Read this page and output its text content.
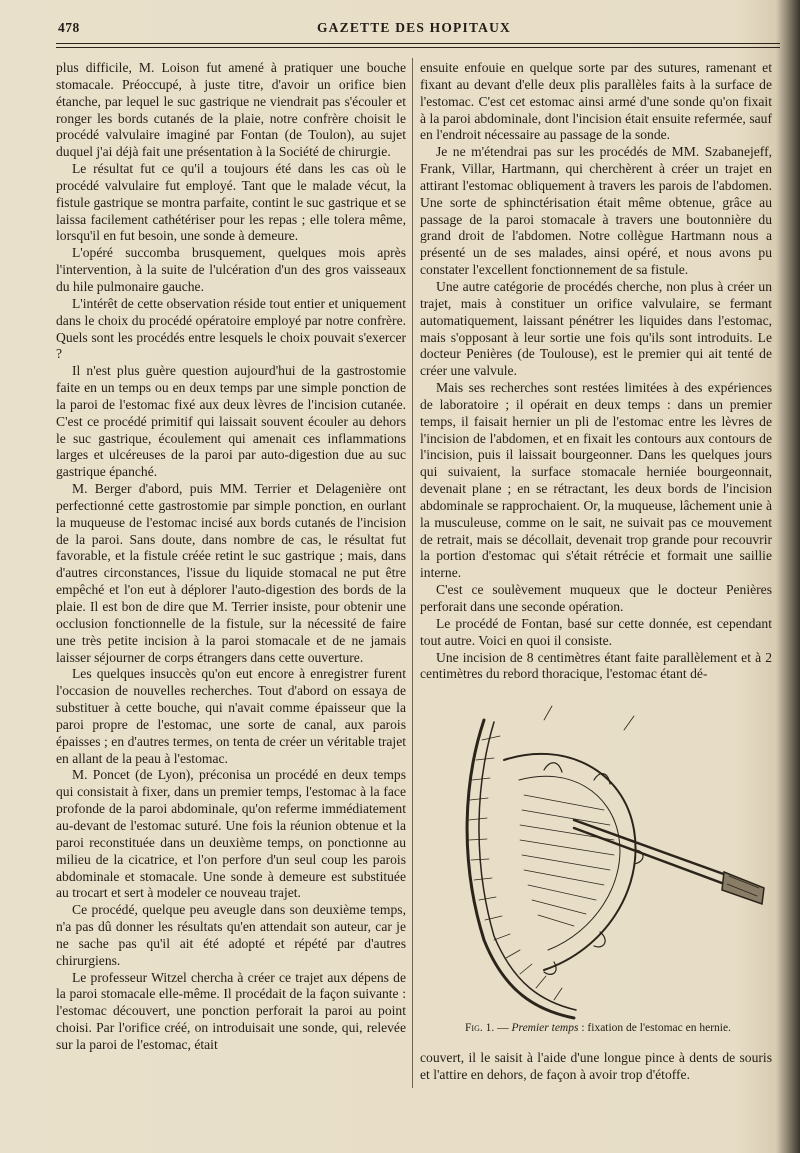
478	GAZETTE DES HOPITAUX

plus difficile, M. Loison fut amené à pratiquer une bouche stomacale. Préoccupé, à juste titre, d'avoir un orifice bien étanche, par lequel le suc gastrique ne viendrait pas s'écouler et ronger les bords cutanés de la plaie, notre confrère choisit le procédé valvulaire imaginé par Fontan (de Toulon), au sujet duquel j'ai déjà fait une présentation à la Société de chirurgie.

Le résultat fut ce qu'il a toujours été dans les cas où le procédé valvulaire fut employé. Tant que le malade vécut, la fistule gastrique se montra parfaite, contint le suc gastrique et se laissa facilement cathétériser pour les repas ; elle tolera même, lorsqu'il en fut besoin, une sonde à demeure.

L'opéré succomba brusquement, quelques mois après l'intervention, à la suite de l'ulcération d'un des gros vaisseaux du hile pulmonaire gauche.

L'intérêt de cette observation réside tout entier et uniquement dans le choix du procédé opératoire employé par notre confrère. Quels sont les procédés entre lesquels le choix pouvait s'exercer ?

Il n'est plus guère question aujourd'hui de la gastrostomie faite en un temps ou en deux temps par une simple ponction de la paroi de l'estomac fixé aux deux lèvres de l'incision cutanée. C'est ce procédé primitif qui laissait souvent écouler au dehors le suc gastrique, écoulement qui amenait ces inflammations larges et ulcéreuses de la paroi par auto-digestion due au suc gastrique épanché.

M. Berger d'abord, puis MM. Terrier et Delagenière ont perfectionné cette gastrostomie par simple ponction, en ourlant la muqueuse de l'estomac incisé aux bords cutanés de l'incision de la paroi. Sans doute, dans nombre de cas, le résultat fut favorable, et la fistule créée retint le suc gastrique ; mais, dans d'autres circonstances, l'issue du liquide stomacal ne put être empêché et l'on eut à déplorer l'auto-digestion des bords de la plaie. Il est bon de dire que M. Terrier insiste, pour obtenir une occlusion fonctionnelle de la fistule, sur la nécessité de faire une très petite incision à la paroi stomacale et de ne jamais laisser séjourner de corps étrangers dans cette ouverture.

Les quelques insuccès qu'on eut encore à enregistrer furent l'occasion de nouvelles recherches. Tout d'abord on essaya de substituer à cette bouche, qui n'avait comme épaisseur que la paroi propre de l'estomac, une sorte de canal, aux parois épaisses ; en d'autres termes, on tenta de créer un véritable trajet en allant de la peau à l'estomac.

M. Poncet (de Lyon), préconisa un procédé en deux temps qui consistait à fixer, dans un premier temps, l'estomac à la face profonde de la paroi abdominale, qu'on referme immédiatement au-devant de l'estomac suturé. Une fois la réunion obtenue et la paroi reconstituée dans un deuxième temps, on ponctionne au milieu de la cicatrice, et l'on perfore d'un seul coup les parois abdominale et stomacale. Une sonde à demeure est substituée au trocart et sert à modeler ce nouveau trajet.

Ce procédé, quelque peu aveugle dans son deuxième temps, n'a pas dû donner les résultats qu'en attendait son auteur, car je ne sache pas qu'il ait été adopté et répété par d'autres chirurgiens.

Le professeur Witzel chercha à créer ce trajet aux dépens de la paroi stomacale elle-même. Il procédait de la façon suivante : l'estomac découvert, une ponction perforait la paroi au point choisi. Par l'orifice créé, on introduisait une sonde, qui, relevée sur la paroi de l'estomac, était

ensuite enfouie en quelque sorte par des sutures, ramenant et fixant au devant d'elle deux plis parallèles faits à la surface de l'estomac. C'est cet estomac ainsi armé d'une sonde qu'on fixait à la paroi abdominale, dont l'incision était ensuite refermée, sauf en l'endroit nécessaire au passage de la sonde.

Je ne m'étendrai pas sur les procédés de MM. Szabanejeff, Frank, Villar, Hartmann, qui cherchèrent à créer un trajet en attirant l'estomac obliquement à travers les parois de l'abdomen. Une sorte de sphinctérisation était même obtenue, grâce au passage de la paroi stomacale à travers une boutonnière du grand droit de l'abdomen. Notre collègue Hartmann nous a présenté un de ses malades, ainsi opéré, et nous avons pu constater l'excellent fonctionnement de sa fistule.

Une autre catégorie de procédés cherche, non plus à créer un trajet, mais à constituer un orifice valvulaire, se fermant automatiquement, laissant pénétrer les liquides dans l'estomac, mais s'opposant à leur sortie une fois qu'ils sont introduits. Le docteur Penières (de Toulouse), est le premier qui ait tenté de créer une valvule.

Mais ses recherches sont restées limitées à des expériences de laboratoire ; il opérait en deux temps : dans un premier temps, il faisait hernier un pli de l'estomac entre les lèvres de l'incision de l'abdomen, et en fixait les contours aux contours de l'incision, puis il laissait bourgeonner. Dans les quelques jours qui suivaient, la surface stomacale herniée bourgeonnait, devenait plane ; en se rétractant, les deux bords de l'incision abdominale se rapprochaient. Or, la muqueuse, lâchement unie à la musculeuse, comme on le sait, ne suivait pas ce mouvement de retrait, mais se décollait, devenait trop grande pour recouvrir la portion d'estomac qui s'était rétrécie et formait une saillie interne.

C'est ce soulèvement muqueux que le docteur Penières perforait dans une seconde opération.

Le procédé de Fontan, basé sur cette donnée, est cependant tout autre. Voici en quoi il consiste.

Une incision de 8 centimètres étant faite parallèlement et à 2 centimètres du rebord thoracique, l'estomac étant dé-

Fig. 1. — Premier temps : fixation de l'estomac en hernie.

couvert, il le saisit à l'aide d'une longue pince à dents de souris et l'attire en dehors, de façon à avoir trop d'étoffe.
